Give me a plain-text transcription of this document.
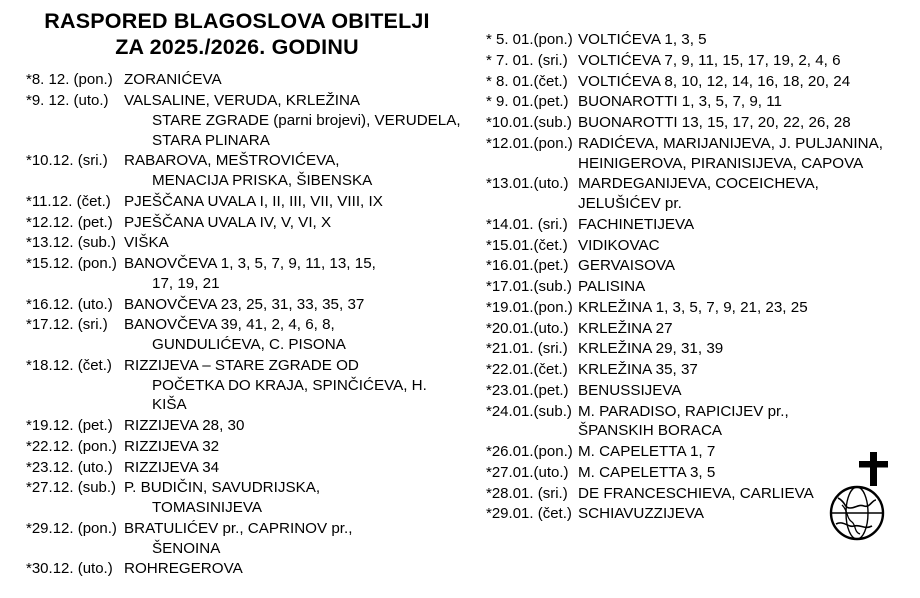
RASPORED BLAGOSLOVA OBITELJI
ZA 2025./2026. GODINU
*8. 12. (pon.) ZORANIĆEVA
*9. 12. (uto.)	VALSALINE, VERUDA, KRLEŽINA
STARE ZGRADE (parni brojevi), VERUDELA,
STARA PLINARA
*10.12. (sri.)	RABAROVA, MEŠTROVIĆEVA,
MENACIJA PRISKA, ŠIBENSKA
*11.12. (čet.) PJEŠČANA UVALA I, II, III, VII, VIII, IX
*12.12. (pet.) PJEŠČANA UVALA IV, V, VI, X
*13.12. (sub.) VIŠKA
*15.12. (pon.) BANOVČEVA 1, 3, 5, 7, 9, 11, 13, 15,
17, 19, 21
*16.12. (uto.) BANOVČEVA 23, 25, 31, 33, 35, 37
*17.12. (sri.)	BANOVČEVA 39, 41, 2, 4, 6, 8,
GUNDULIĆEVA, C. PISONA
*18.12. (čet.) RIZZIJEVA – STARE ZGRADE OD
POČETKA DO KRAJA, SPINČIĆEVA, H. KIŠA
*19.12. (pet.) RIZZIJEVA 28, 30
*22.12. (pon.) RIZZIJEVA 32
*23.12. (uto.) RIZZIJEVA 34
*27.12. (sub.) P. BUDIČIN, SAVUDRIJSKA,
TOMASINIJEVA
*29.12. (pon.) BRATULIĆEV pr., CAPRINOV pr.,
ŠENOINA
*30.12. (uto.) ROHREGEROVA
* 5. 01.(pon.) VOLTIĆEVA 1, 3, 5
* 7. 01. (sri.) VOLTIĆEVA 7, 9, 11, 15, 17, 19, 2, 4, 6
* 8. 01.(čet.) VOLTIĆEVA 8, 10, 12, 14, 16, 18, 20, 24
* 9. 01.(pet.) BUONAROTTI 1, 3, 5, 7, 9, 11
*10.01.(sub.) BUONAROTTI 13, 15, 17, 20, 22, 26, 28
*12.01.(pon.) RADIĆEVA, MARIJANIJEVA, J. PULJANINA,
HEINIGEROVA, PIRANISIJEVA, CAPOVA
*13.01.(uto.) MARDEGANIJEVA, COCEICHEVA,
JELUŠIĆEV pr.
*14.01. (sri.) FACHINETIJEVA
*15.01.(čet.) VIDIKOVAC
*16.01.(pet.) GERVAISOVA
*17.01.(sub.) PALISINA
*19.01.(pon.) KRLEŽINA 1, 3, 5, 7, 9, 21, 23, 25
*20.01.(uto.) KRLEŽINA 27
*21.01. (sri.) KRLEŽINA 29, 31, 39
*22.01.(čet.) KRLEŽINA 35, 37
*23.01.(pet.) BENUSSIJEVA
*24.01.(sub.) M. PARADISO, RAPICIJEV pr.,
ŠPANSKIH BORACA
*26.01.(pon.) M. CAPELETTA 1, 7
*27.01.(uto.) M. CAPELETTA 3, 5
*28.01. (sri.) DE FRANCESCHIEVA, CARLIEVA
*29.01. (čet.) SCHIAVUZZIJEVA
